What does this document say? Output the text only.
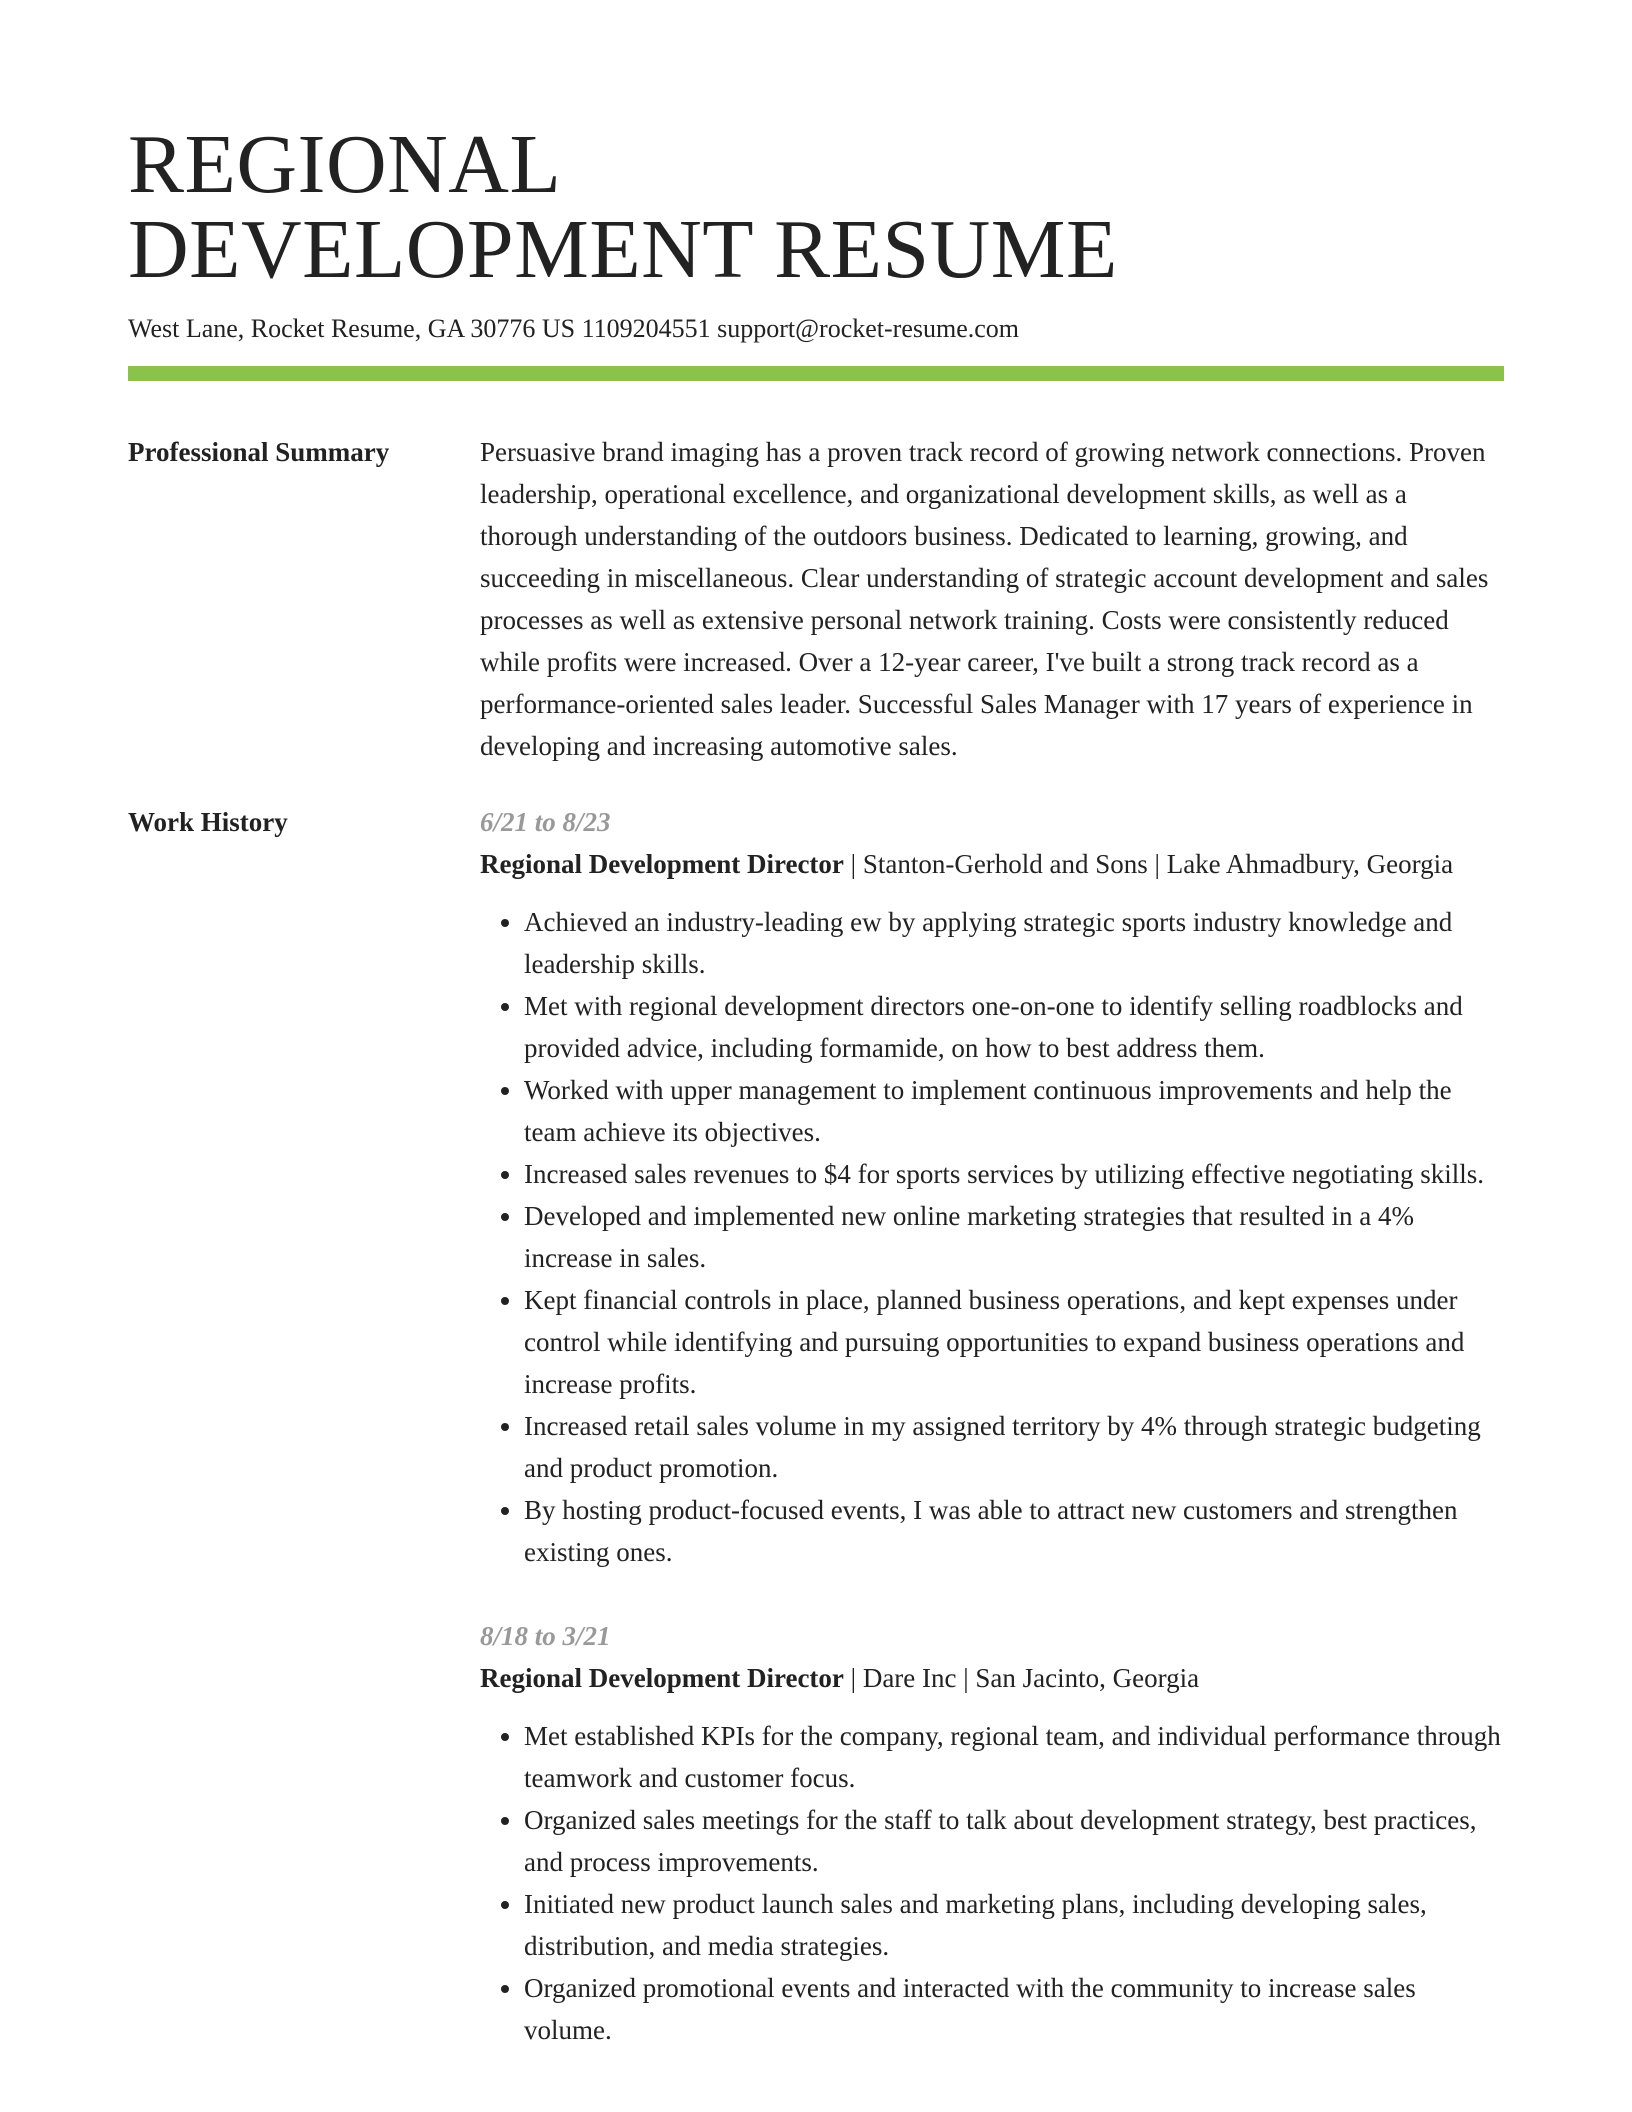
REGIONAL
DEVELOPMENT RESUME
West Lane, Rocket Resume, GA 30776 US 1109204551 support@rocket-resume.com
Professional Summary	Persuasive brand imaging has a proven track record of growing network connections. Proven leadership, operational excellence, and organizational development skills, as well as a thorough understanding of the outdoors business. Dedicated to learning, growing, and succeeding in miscellaneous. Clear understanding of strategic account development and sales processes as well as extensive personal network training. Costs were consistently reduced while profits were increased. Over a 12-year career, I've built a strong track record as a performance-oriented sales leader. Successful Sales Manager with 17 years of experience in developing and increasing automotive sales.
Work History	6/21 to 8/23
Regional Development Director | Stanton-Gerhold and Sons | Lake Ahmadbury, Georgia
• Achieved an industry-leading ew by applying strategic sports industry knowledge and leadership skills.
• Met with regional development directors one-on-one to identify selling roadblocks and provided advice, including formamide, on how to best address them.
• Worked with upper management to implement continuous improvements and help the team achieve its objectives.
• Increased sales revenues to $4 for sports services by utilizing effective negotiating skills.
• Developed and implemented new online marketing strategies that resulted in a 4% increase in sales.
• Kept financial controls in place, planned business operations, and kept expenses under control while identifying and pursuing opportunities to expand business operations and increase profits.
• Increased retail sales volume in my assigned territory by 4% through strategic budgeting and product promotion.
• By hosting product-focused events, I was able to attract new customers and strengthen existing ones.
8/18 to 3/21
Regional Development Director | Dare Inc | San Jacinto, Georgia
• Met established KPIs for the company, regional team, and individual performance through teamwork and customer focus.
• Organized sales meetings for the staff to talk about development strategy, best practices, and process improvements.
• Initiated new product launch sales and marketing plans, including developing sales, distribution, and media strategies.
• Organized promotional events and interacted with the community to increase sales volume.
